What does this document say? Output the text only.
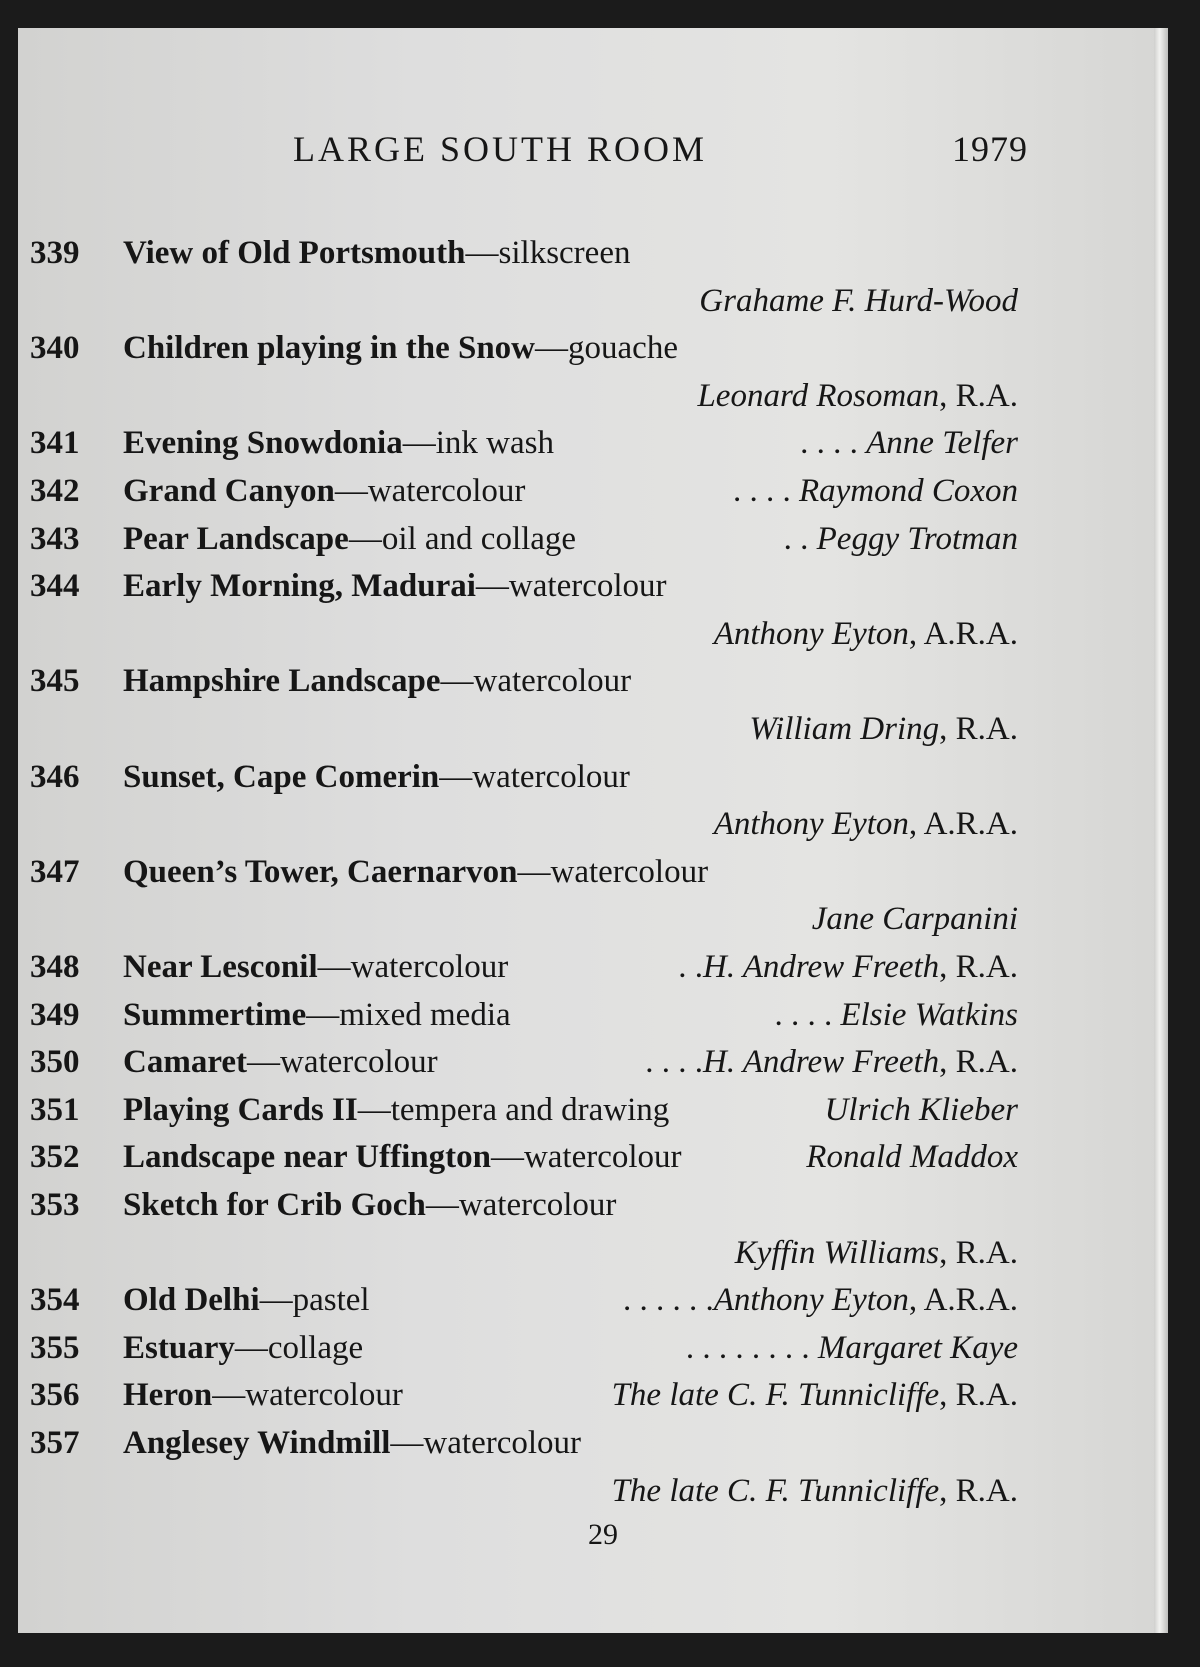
LARGE SOUTH ROOM	1979
339 View of Old Portsmouth—silkscreen
Grahame F. Hurd-Wood
340 Children playing in the Snow—gouache
Leonard Rosoman, R.A.
341 Evening Snowdonia—ink wash	. . . . Anne Telfer
342 Grand Canyon—watercolour	. . . . Raymond Coxon
343 Pear Landscape—oil and collage	. . Peggy Trotman
344 Early Morning, Madurai—watercolour
Anthony Eyton, A.R.A.
345 Hampshire Landscape—watercolour
William Dring, R.A.
346 Sunset, Cape Comerin—watercolour
Anthony Eyton, A.R.A.
347 Queen’s Tower, Caernarvon—watercolour
Jane Carpanini
348 Near Lesconil—watercolour	. .H. Andrew Freeth, R.A.
349 Summertime—mixed media	. . . . Elsie Watkins
350 Camaret—watercolour	. . . .H. Andrew Freeth, R.A.
351 Playing Cards II—tempera and drawing	Ulrich Klieber
352 Landscape near Uffington—watercolour	Ronald Maddox
353 Sketch for Crib Goch—watercolour
Kyffin Williams, R.A.
354 Old Delhi—pastel	. . . . . .Anthony Eyton, A.R.A.
355 Estuary—collage	. . . . . . . . Margaret Kaye
356 Heron—watercolour	The late C. F. Tunnicliffe, R.A.
357 Anglesey Windmill—watercolour
The late C. F. Tunnicliffe, R.A.
29
